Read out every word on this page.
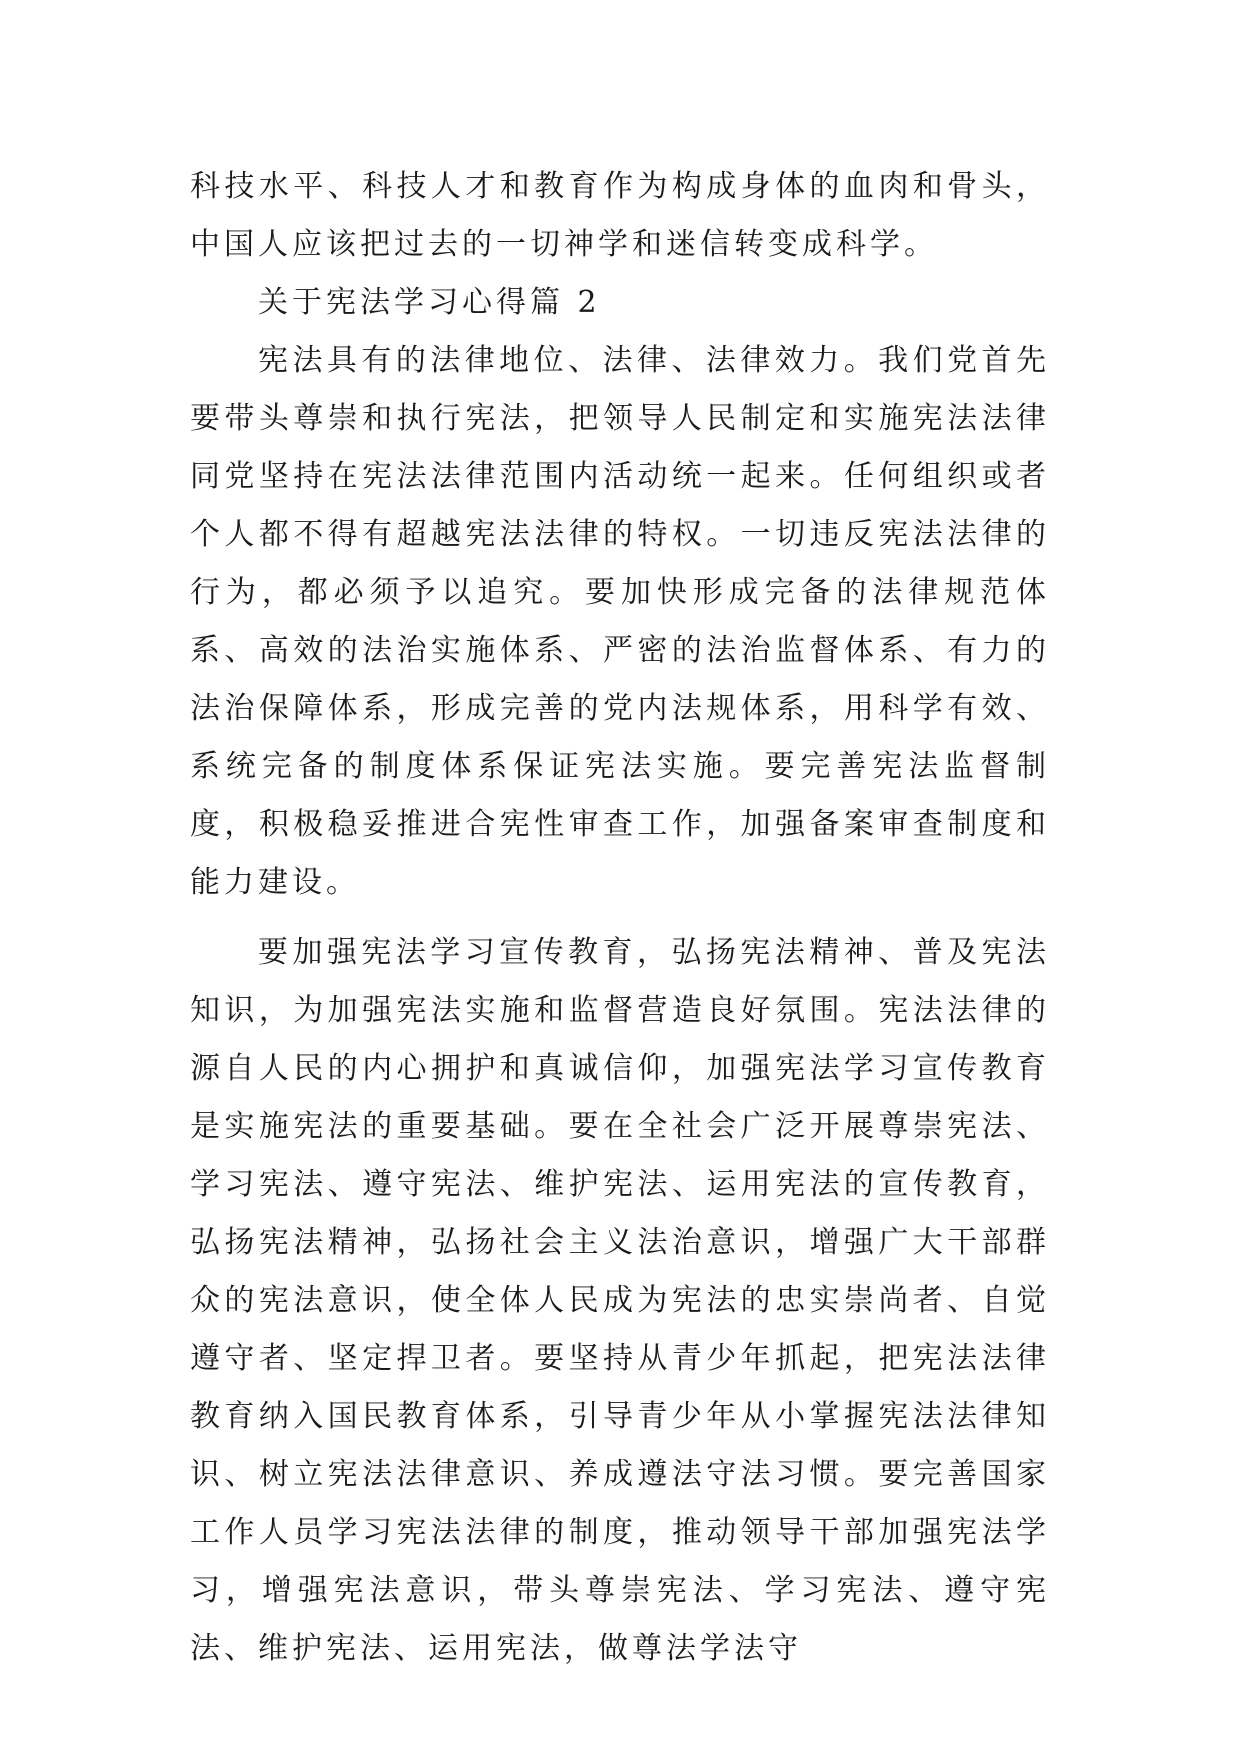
科技水平、科技人才和教育作为构成身体的血肉和骨头，中国人应该把过去的一切神学和迷信转变成科学。

关于宪法学习心得篇 2

宪法具有的法律地位、法律、法律效力。我们党首先要带头尊崇和执行宪法，把领导人民制定和实施宪法法律同党坚持在宪法法律范围内活动统一起来。任何组织或者个人都不得有超越宪法法律的特权。一切违反宪法法律的行为，都必须予以追究。要加快形成完备的法律规范体系、高效的法治实施体系、严密的法治监督体系、有力的法治保障体系，形成完善的党内法规体系，用科学有效、系统完备的制度体系保证宪法实施。要完善宪法监督制度，积极稳妥推进合宪性审查工作，加强备案审查制度和能力建设。

要加强宪法学习宣传教育，弘扬宪法精神、普及宪法知识，为加强宪法实施和监督营造良好氛围。宪法法律的源自人民的内心拥护和真诚信仰，加强宪法学习宣传教育是实施宪法的重要基础。要在全社会广泛开展尊崇宪法、学习宪法、遵守宪法、维护宪法、运用宪法的宣传教育，弘扬宪法精神，弘扬社会主义法治意识，增强广大干部群众的宪法意识，使全体人民成为宪法的忠实崇尚者、自觉遵守者、坚定捍卫者。要坚持从青少年抓起，把宪法法律教育纳入国民教育体系，引导青少年从小掌握宪法法律知识、树立宪法法律意识、养成遵法守法习惯。要完善国家工作人员学习宪法法律的制度，推动领导干部加强宪法学习，增强宪法意识，带头尊崇宪法、学习宪法、遵守宪法、维护宪法、运用宪法，做尊法学法守
